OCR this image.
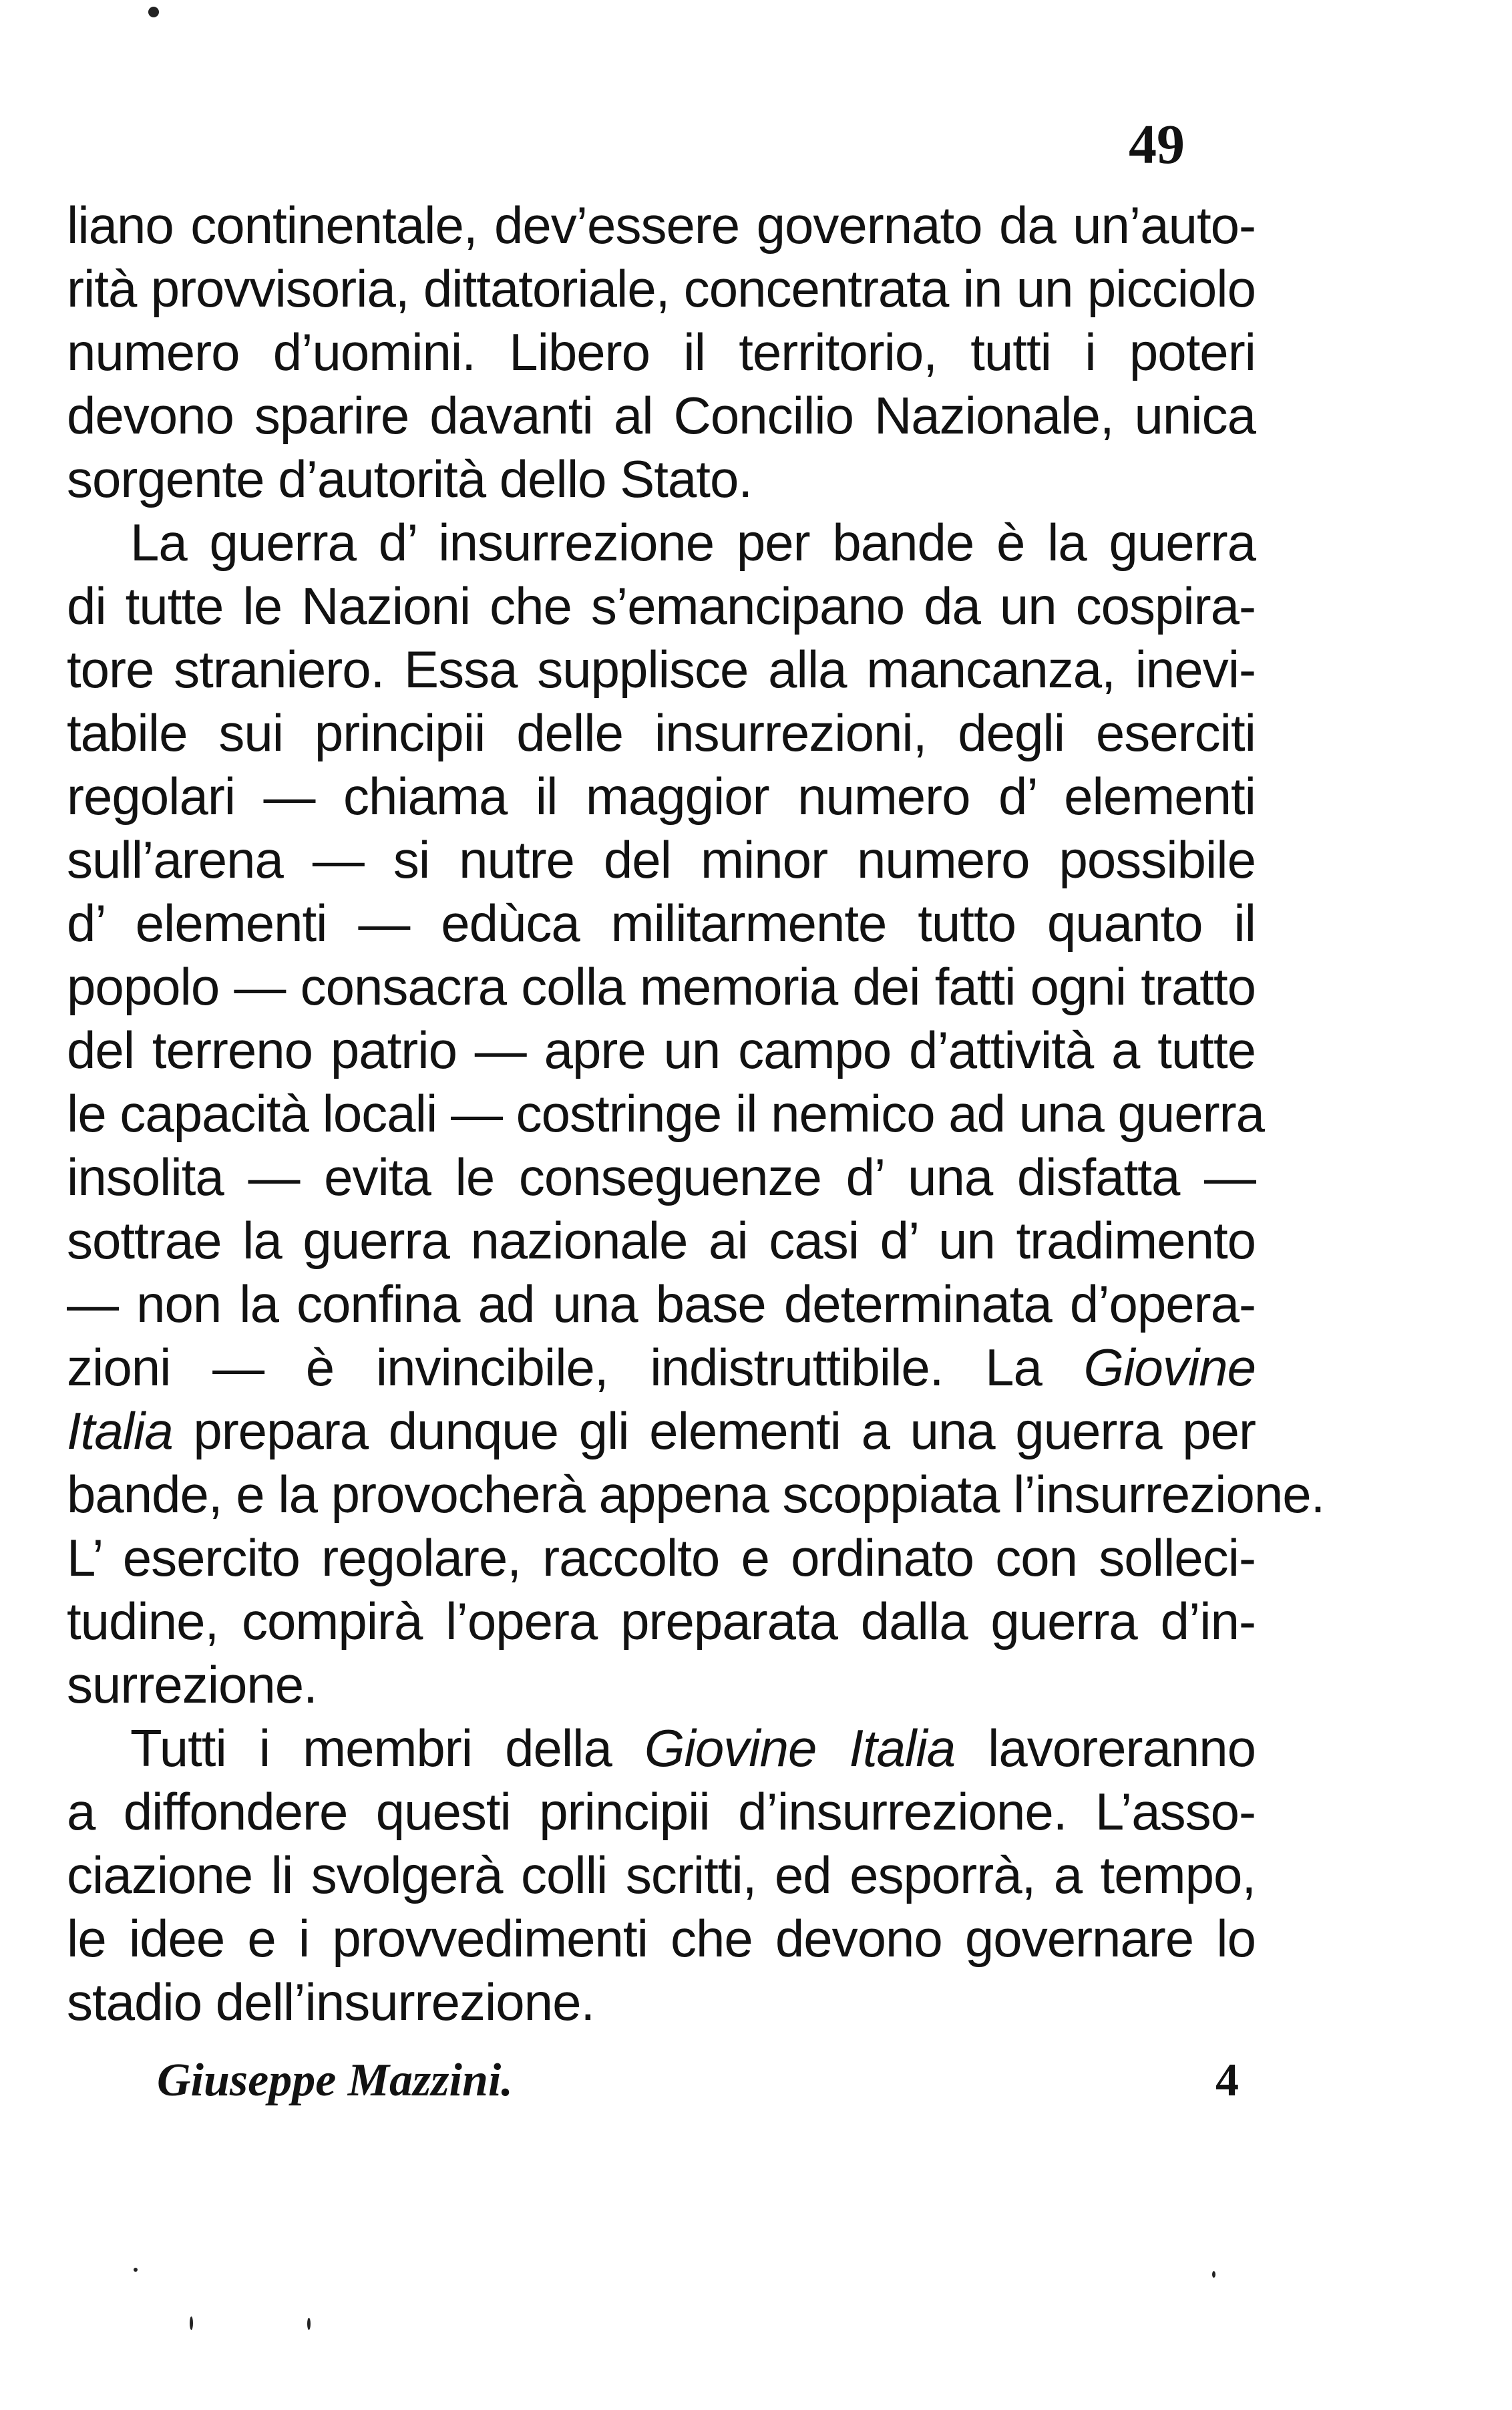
49
liano continentale, dev’essere governato da un’auto-
rità provvisoria, dittatoriale, concentrata in un picciolo
numero d’uomini. Libero il territorio, tutti i poteri
devono sparire davanti al Concilio Nazionale, unica
sorgente d’autorità dello Stato.
La guerra d’ insurrezione per bande è la guerra
di tutte le Nazioni che s’emancipano da un cospira-
tore straniero. Essa supplisce alla mancanza, inevi-
tabile sui principii delle insurrezioni, degli eserciti
regolari — chiama il maggior numero d’ elementi
sull’arena — si nutre del minor numero possibile
d’ elementi — edùca militarmente tutto quanto il
popolo — consacra colla memoria dei fatti ogni tratto
del terreno patrio — apre un campo d’attività a tutte
le capacità locali — costringe il nemico ad una guerra
insolita — evita le conseguenze d’ una disfatta —
sottrae la guerra nazionale ai casi d’ un tradimento
— non la confina ad una base determinata d’opera-
zioni — è invincibile, indistruttibile. La Giovine
Italia prepara dunque gli elementi a una guerra per
bande, e la provocherà appena scoppiata l’insurrezione.
L’ esercito regolare, raccolto e ordinato con solleci-
tudine, compirà l’opera preparata dalla guerra d’in-
surrezione.
Tutti i membri della Giovine Italia lavoreranno
a diffondere questi principii d’insurrezione. L’asso-
ciazione li svolgerà colli scritti, ed esporrà, a tempo,
le idee e i provvedimenti che devono governare lo
stadio dell’insurrezione.
Giuseppe Mazzini.	4
